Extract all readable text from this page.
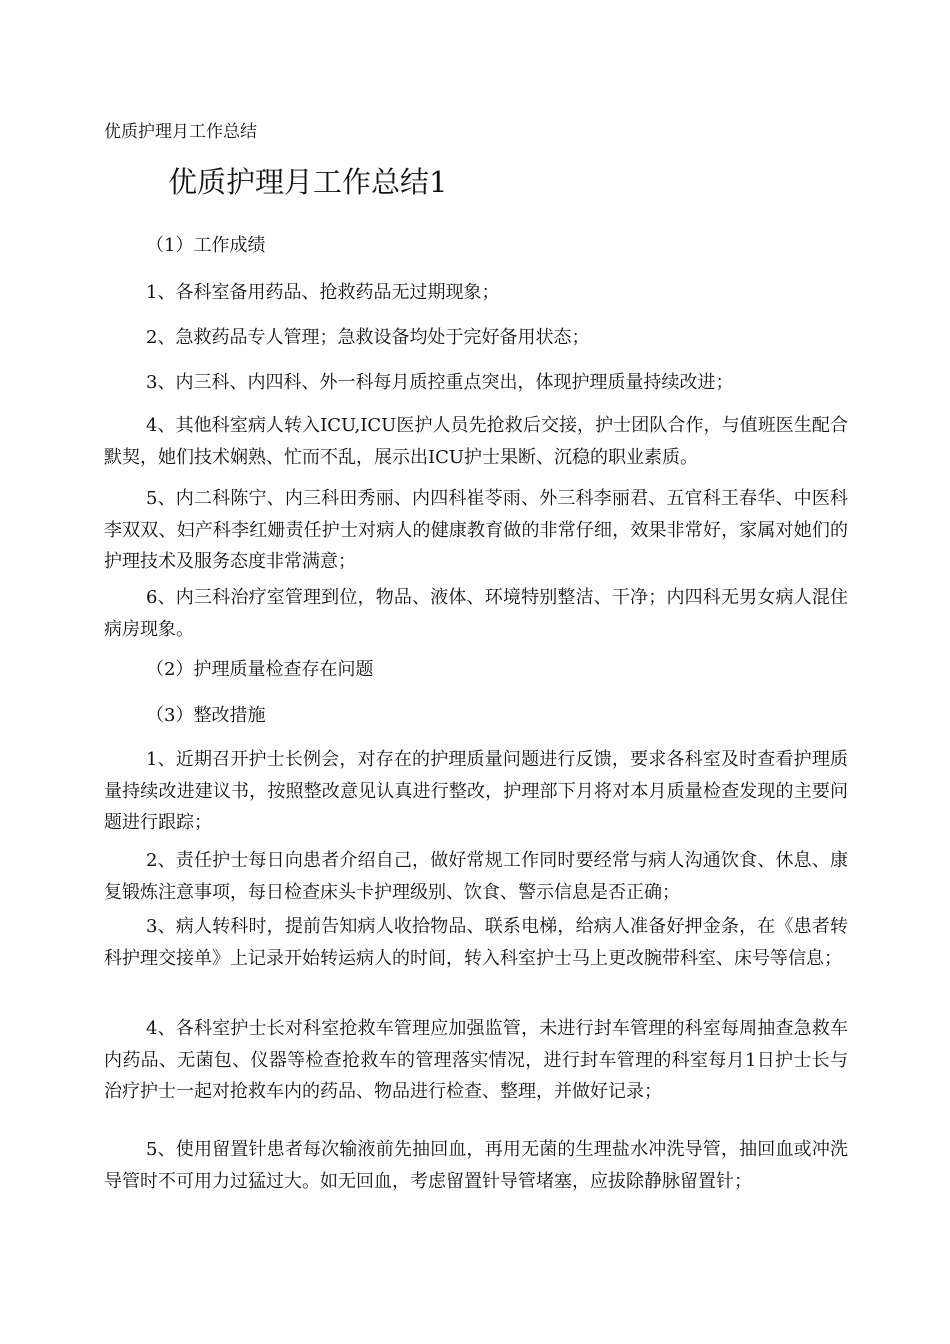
优质护理月工作总结

优质护理月工作总结1

（1）工作成绩

1、各科室备用药品、抢救药品无过期现象；

2、急救药品专人管理；急救设备均处于完好备用状态；

3、内三科、内四科、外一科每月质控重点突出，体现护理质量持续改进；

4、其他科室病人转入ICU,ICU医护人员先抢救后交接，护士团队合作，与值班医生配合默契，她们技术娴熟、忙而不乱，展示出ICU护士果断、沉稳的职业素质。

5、内二科陈宁、内三科田秀丽、内四科崔苓雨、外三科李丽君、五官科王春华、中医科李双双、妇产科李红姗责任护士对病人的健康教育做的非常仔细，效果非常好，家属对她们的护理技术及服务态度非常满意；

6、内三科治疗室管理到位，物品、液体、环境特别整洁、干净；内四科无男女病人混住病房现象。

（2）护理质量检查存在问题

（3）整改措施

1、近期召开护士长例会，对存在的护理质量问题进行反馈，要求各科室及时查看护理质量持续改进建议书，按照整改意见认真进行整改，护理部下月将对本月质量检查发现的主要问题进行跟踪；

2、责任护士每日向患者介绍自己，做好常规工作同时要经常与病人沟通饮食、休息、康复锻炼注意事项，每日检查床头卡护理级别、饮食、警示信息是否正确；

3、病人转科时，提前告知病人收拾物品、联系电梯，给病人准备好押金条，在《患者转科护理交接单》上记录开始转运病人的时间，转入科室护士马上更改腕带科室、床号等信息；

4、各科室护士长对科室抢救车管理应加强监管，未进行封车管理的科室每周抽查急救车内药品、无菌包、仪器等检查抢救车的管理落实情况，进行封车管理的科室每月1日护士长与治疗护士一起对抢救车内的药品、物品进行检查、整理，并做好记录；

5、使用留置针患者每次输液前先抽回血，再用无菌的生理盐水冲洗导管，抽回血或冲洗导管时不可用力过猛过大。如无回血，考虑留置针导管堵塞，应拔除静脉留置针；
